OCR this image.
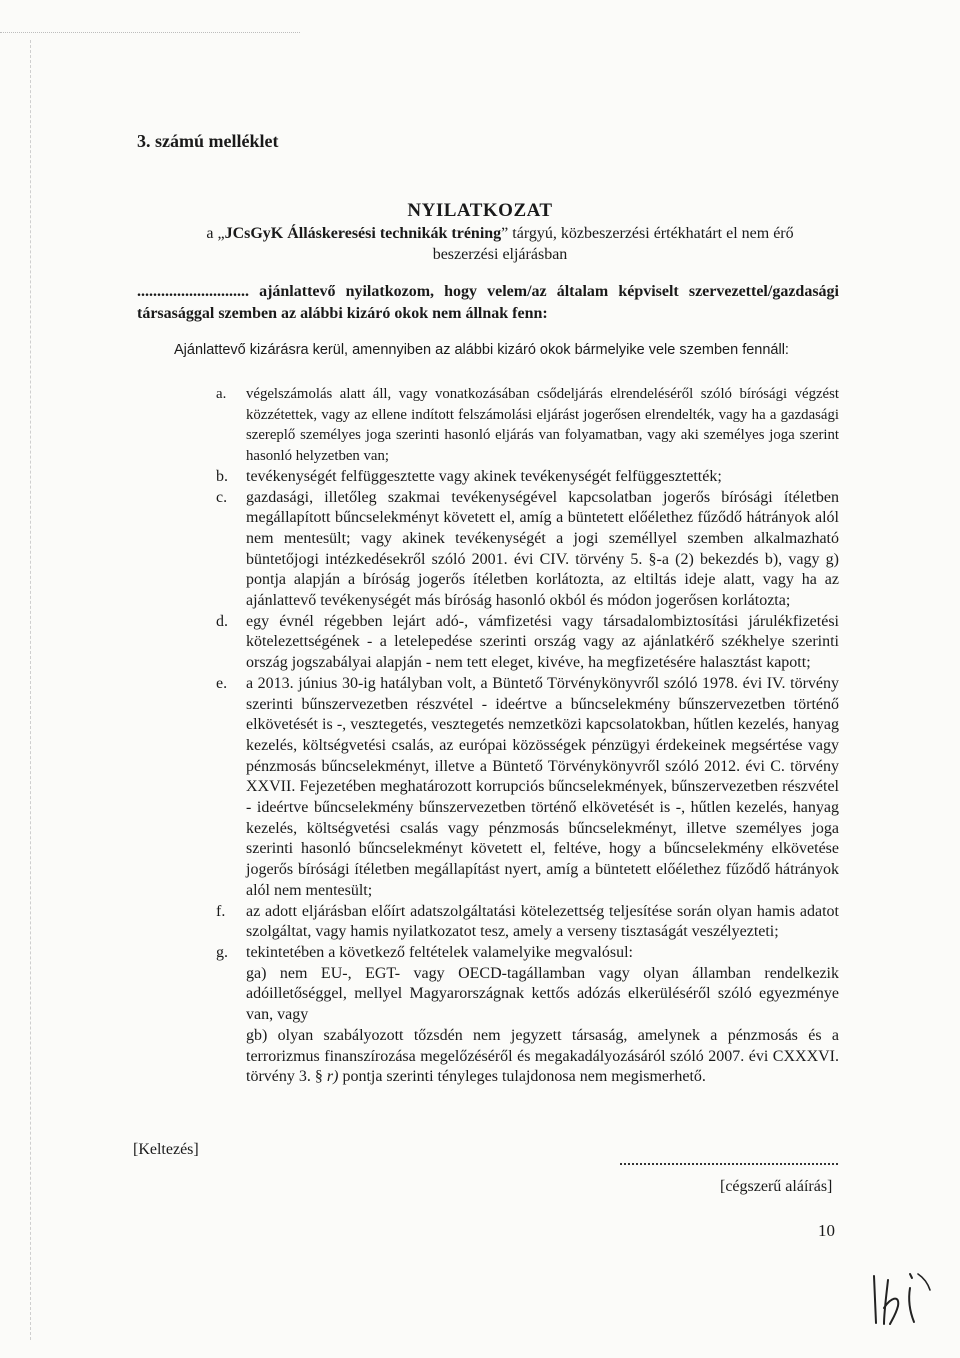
3. számú melléklet
NYILATKOZAT
a „JCsGyK Álláskeresési technikák tréning” tárgyú, közbeszerzési értékhatárt el nem érő beszerzési eljárásban
............................ ajánlattevő nyilatkozom, hogy velem/az általam képviselt szervezettel/gazdasági társasággal szemben az alábbi kizáró okok nem állnak fenn:
Ajánlattevő kizárásra kerül, amennyiben az alábbi kizáró okok bármelyike vele szemben fennáll:
a. végelszámolás alatt áll, vagy vonatkozásában csődeljárás elrendeléséről szóló bírósági végzést közzétettek, vagy az ellene indított felszámolási eljárást jogerősen elrendelték, vagy ha a gazdasági szereplő személyes joga szerinti hasonló eljárás van folyamatban, vagy aki személyes joga szerint hasonló helyzetben van;
b. tevékenységét felfüggesztette vagy akinek tevékenységét felfüggesztették;
c. gazdasági, illetőleg szakmai tevékenységével kapcsolatban jogerős bírósági ítéletben megállapított bűncselekményt követett el, amíg a büntetett előélethez fűződő hátrányok alól nem mentesült; vagy akinek tevékenységét a jogi személlyel szemben alkalmazható büntetőjogi intézkedésekről szóló 2001. évi CIV. törvény 5. §-a (2) bekezdés b), vagy g) pontja alapján a bíróság jogerős ítéletben korlátozta, az eltiltás ideje alatt, vagy ha az ajánlattevő tevékenységét más bíróság hasonló okból és módon jogerősen korlátozta;
d. egy évnél régebben lejárt adó-, vámfizetési vagy társadalombiztosítási járulékfizetési kötelezettségének - a letelepedése szerinti ország vagy az ajánlatkérő székhelye szerinti ország jogszabályai alapján - nem tett eleget, kivéve, ha megfizetésére halasztást kapott;
e. a 2013. június 30-ig hatályban volt, a Büntető Törvénykönyvről szóló 1978. évi IV. törvény szerinti bűnszervezetben részvétel - ideértve a bűncselekmény bűnszervezetben történő elkövetését is -, vesztegetés, vesztegetés nemzetközi kapcsolatokban, hűtlen kezelés, hanyag kezelés, költségvetési csalás, az európai közösségek pénzügyi érdekeinek megsértése vagy pénzmosás bűncselekményt, illetve a Büntető Törvénykönyvről szóló 2012. évi C. törvény XXVII. Fejezetében meghatározott korrupciós bűncselekmények, bűnszervezetben részvétel - ideértve bűncselekmény bűnszervezetben történő elkövetését is -, hűtlen kezelés, hanyag kezelés, költségvetési csalás vagy pénzmosás bűncselekményt, illetve személyes joga szerinti hasonló bűncselekményt követett el, feltéve, hogy a bűncselekmény elkövetése jogerős bírósági ítéletben megállapítást nyert, amíg a büntetett előélethez fűződő hátrányok alól nem mentesült;
f. az adott eljárásban előírt adatszolgáltatási kötelezettség teljesítése során olyan hamis adatot szolgáltat, vagy hamis nyilatkozatot tesz, amely a verseny tisztaságát veszélyezteti;
g. tekintetében a következő feltételek valamelyike megvalósul:
ga) nem EU-, EGT- vagy OECD-tagállamban vagy olyan államban rendelkezik adóilletőséggel, mellyel Magyarországnak kettős adózás elkerüléséről szóló egyezménye van, vagy
gb) olyan szabályozott tőzsdén nem jegyzett társaság, amelynek a pénzmosás és a terrorizmus finanszírozása megelőzéséről és megakadályozásáról szóló 2007. évi CXXXVI. törvény 3. § r) pontja szerinti tényleges tulajdonosa nem megismerhető.
[Keltezés]
[cégszerű aláírás]
10
